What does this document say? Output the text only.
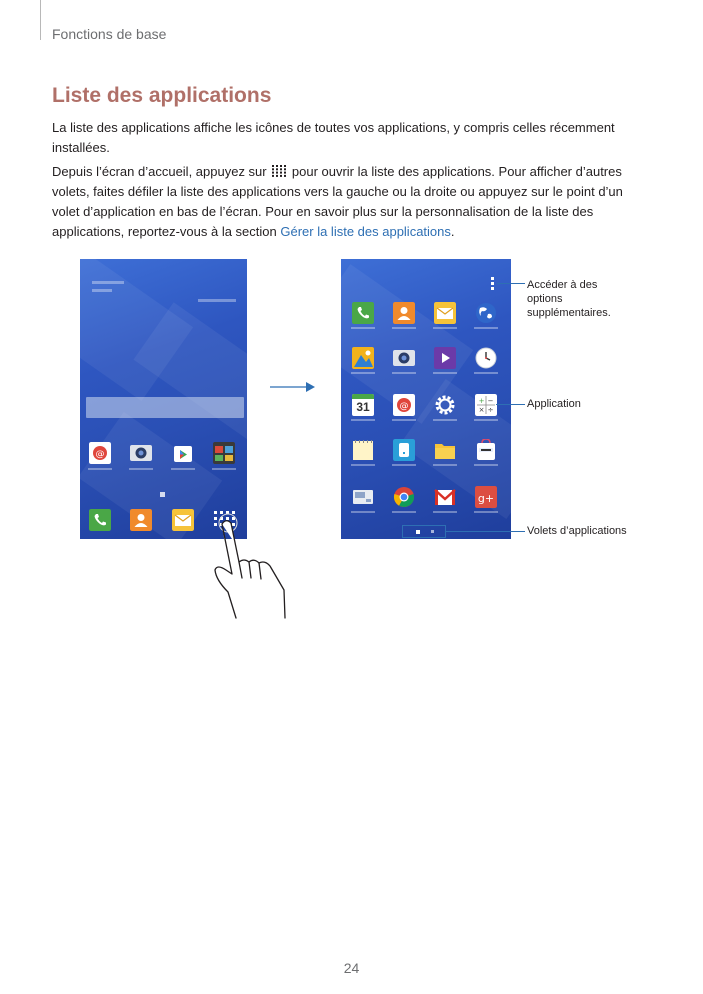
Fonctions de base
Liste des applications
La liste des applications affiche les icônes de toutes vos applications, y compris celles récemment installées.
Depuis l’écran d’accueil, appuyez sur pour ouvrir la liste des applications. Pour afficher d’autres volets, faites défiler la liste des applications vers la gauche ou la droite ou appuyez sur le point d’un volet d’application en bas de l’écran. Pour en savoir plus sur la personnalisation de la liste des applications, reportez-vous à la section Gérer la liste des applications.
@
31	@
+ −
× ÷
g+
Accéder à des options supplémentaires.
Application
Volets d’applications
24
